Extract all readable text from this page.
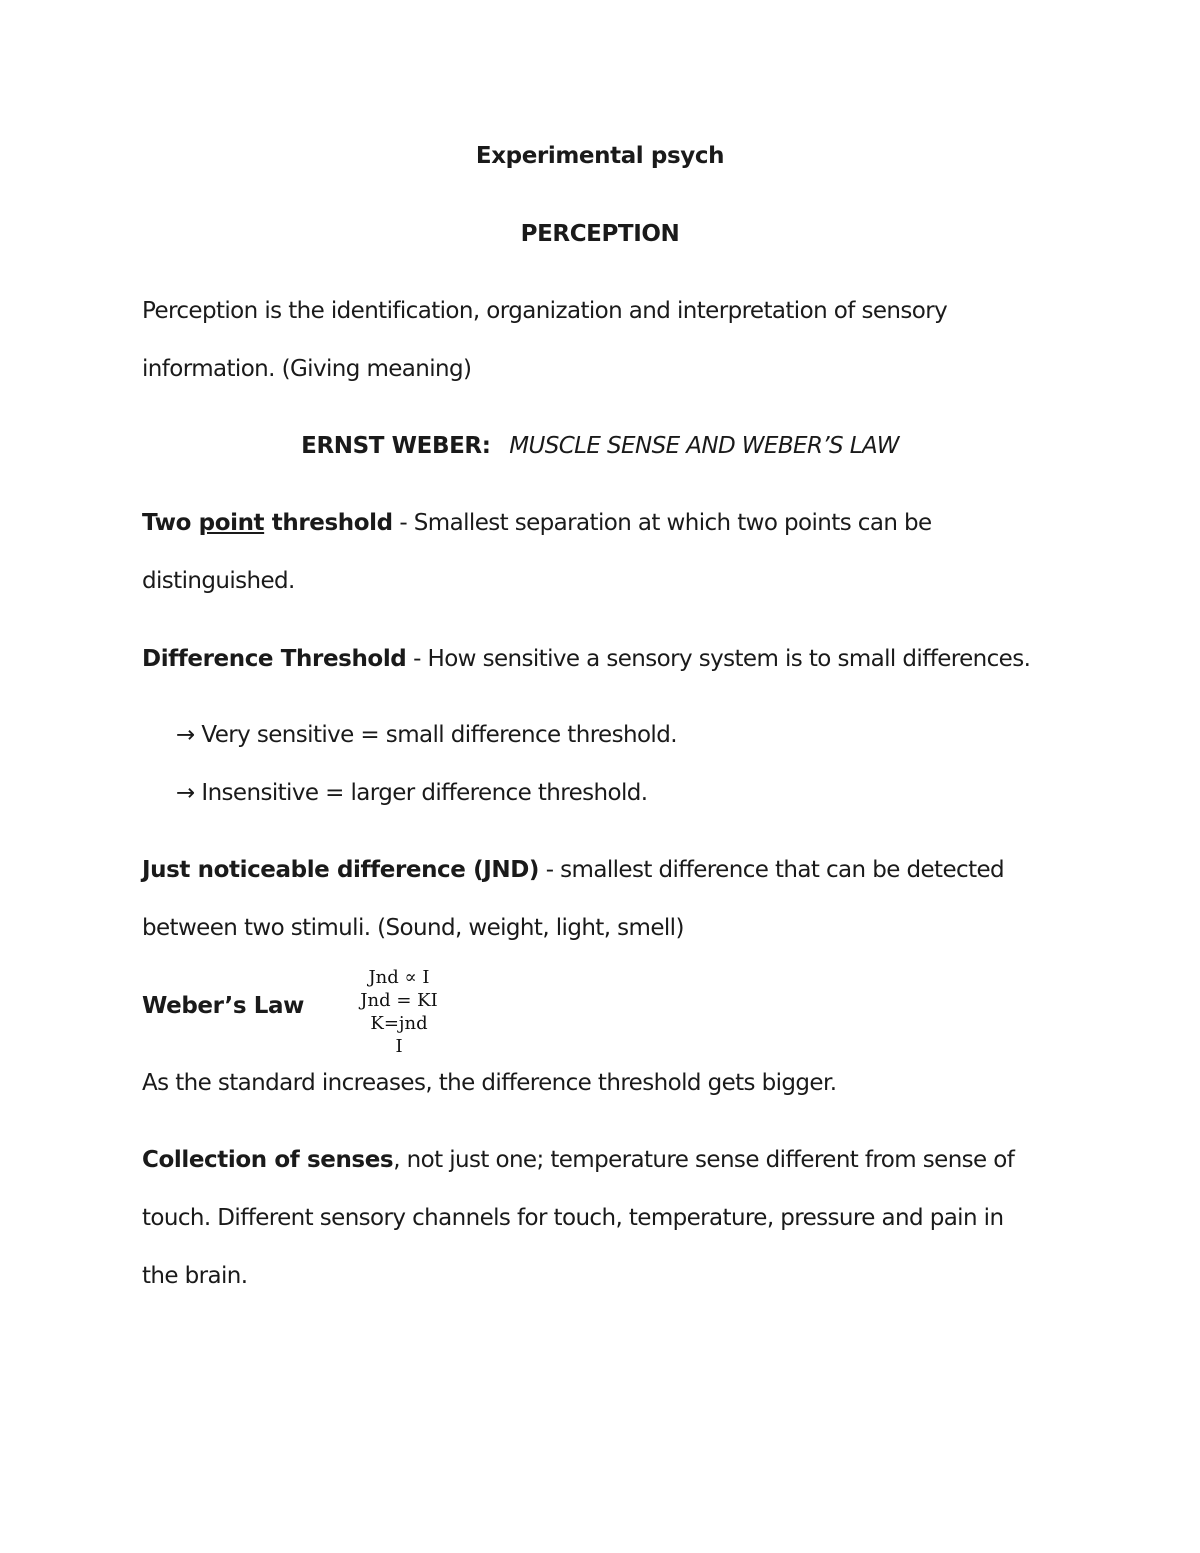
Experimental psych
PERCEPTION
Perception is the identification, organization and interpretation of sensory
information. (Giving meaning)
ERNST WEBER: MUSCLE SENSE AND WEBER’S LAW
Two point threshold - Smallest separation at which two points can be
distinguished.
Difference Threshold - How sensitive a sensory system is to small differences.
→ Very sensitive = small difference threshold.
→ Insensitive = larger difference threshold.
Just noticeable difference (JND) - smallest difference that can be detected
between two stimuli. (Sound, weight, light, smell)
Weber’s Law
Jnd ∝ I
Jnd = KI
K=jnd
I
As the standard increases, the difference threshold gets bigger.
Collection of senses, not just one; temperature sense different from sense of
touch. Different sensory channels for touch, temperature, pressure and pain in
the brain.
